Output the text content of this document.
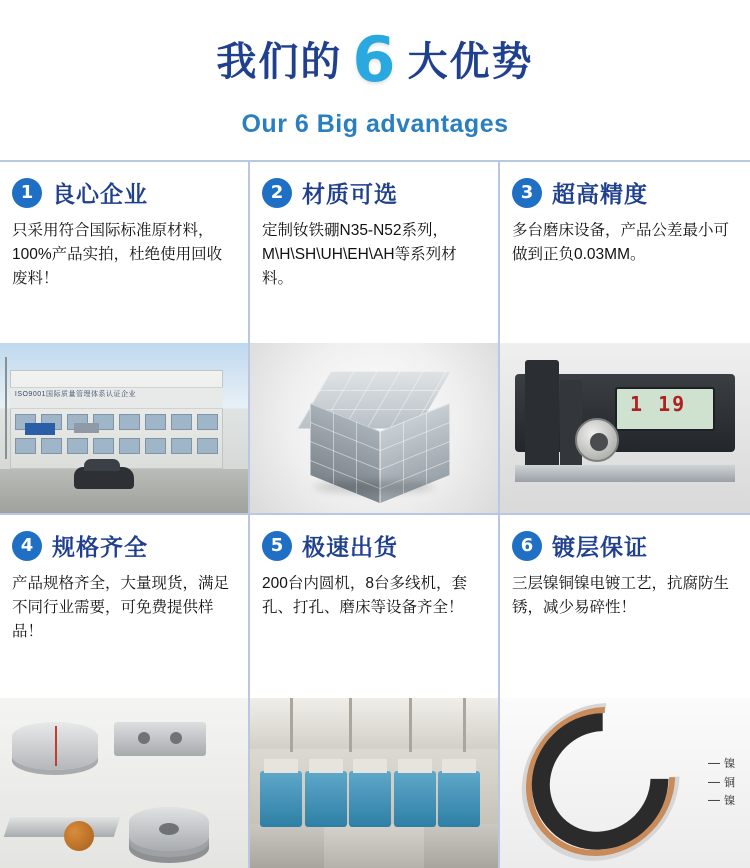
我们的 6 大优势
Our 6 Big advantages
1 良心企业

只采用符合国际标准原材料，100%产品实拍，杜绝使用回收废料！

ISO9001国际质量管理体系认证企业
2 材质可选

定制钕铁硼N35-N52系列，M\H\SH\UH\EH\AH等系列材料。

3 超高精度

多台磨床设备，产品公差最小可做到正负0.03MM。

1 19
4 规格齐全

产品规格齐全，大量现货，满足不同行业需要，可免费提供样品！

5 极速出货

200台内圆机，8台多线机，套孔、打孔、磨床等设备齐全！

6 镀层保证

三层镍铜镍电镀工艺，抗腐防生锈，减少易碎性！

镍
铜
镍
